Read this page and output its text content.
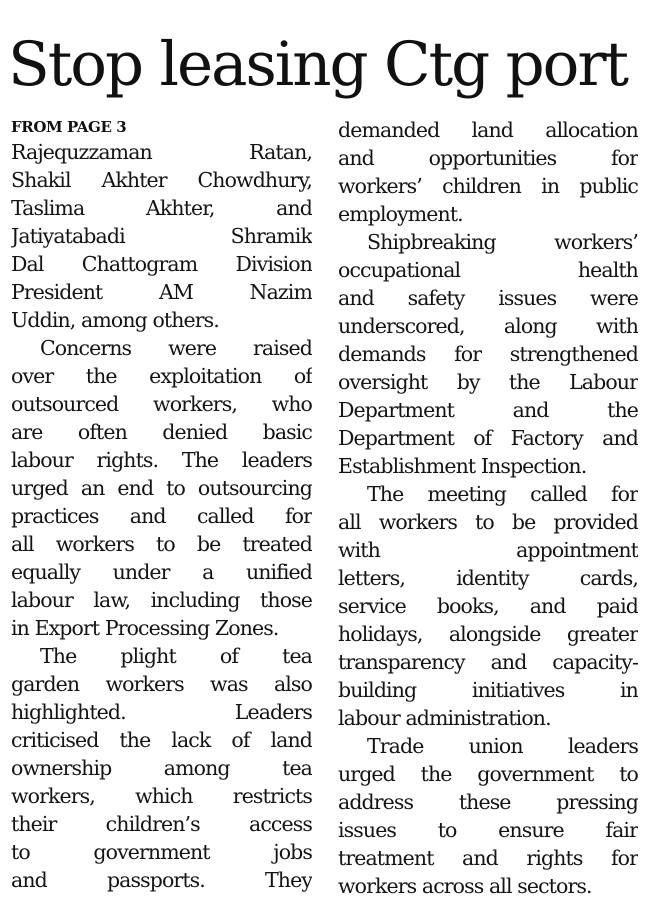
Stop leasing Ctg port
FROM PAGE 3
Rajequzzaman Ratan,
Shakil Akhter Chowdhury,
Taslima Akhter, and
Jatiyatabadi Shramik
Dal Chattogram Division
President AM Nazim
Uddin, among others.
Concerns were raised
over the exploitation of
outsourced workers, who
are often denied basic
labour rights. The leaders
urged an end to outsourcing
practices and called for
all workers to be treated
equally under a unified
labour law, including those
in Export Processing Zones.
The plight of tea
garden workers was also
highlighted. Leaders
criticised the lack of land
ownership among tea
workers, which restricts
their children’s access
to government jobs
and passports. They
demanded land allocation
and opportunities for
workers’ children in public
employment.
Shipbreaking workers’
occupational health
and safety issues were
underscored, along with
demands for strengthened
oversight by the Labour
Department and the
Department of Factory and
Establishment Inspection.
The meeting called for
all workers to be provided
with appointment
letters, identity cards,
service books, and paid
holidays, alongside greater
transparency and capacity-
building initiatives in
labour administration.
Trade union leaders
urged the government to
address these pressing
issues to ensure fair
treatment and rights for
workers across all sectors.
